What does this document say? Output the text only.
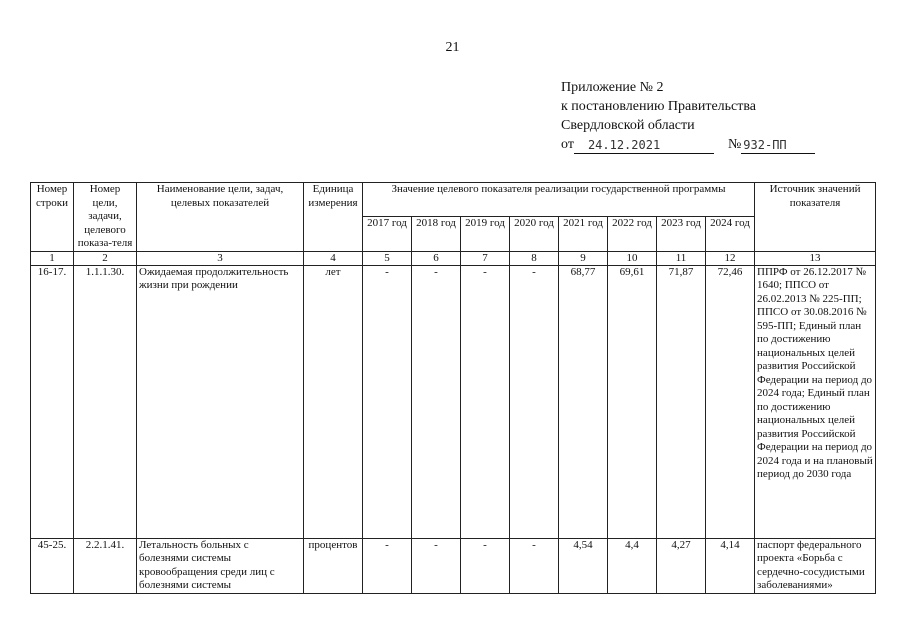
21
Приложение № 2
к постановлению Правительства
Свердловской области
от	24.12.2021	№ 932-ПП
Номер строки	Номер цели, задачи, целевого показа-теля	Наименование цели, задач, целевых показателей	Единица измерения	Значение целевого показателя реализации государственной программы								Источник значений показателя
				2017 год	2018 год	2019 год	2020 год	2021 год	2022 год	2023 год	2024 год	
1	2	3	4	5	6	7	8	9	10	11	12	13
16-17.	1.1.1.30.	Ожидаемая продолжительность жизни при рождении	лет	-	-	-	-	68,77	69,61	71,87	72,46	ППРФ от 26.12.2017 № 1640; ППСО от 26.02.2013 № 225-ПП; ППСО от 30.08.2016 № 595-ПП; Единый план по достижению национальных целей развития Российской Федерации на период до 2024 года; Единый план по достижению национальных целей развития Российской Федерации на период до 2024 года и на плановый период до 2030 года
45-25.	2.2.1.41.	Летальность больных с болезнями системы кровообращения среди лиц с болезнями системы	процентов	-	-	-	-	4,54	4,4	4,27	4,14	паспорт федерального проекта «Борьба с сердечно-сосудистыми заболеваниями»
